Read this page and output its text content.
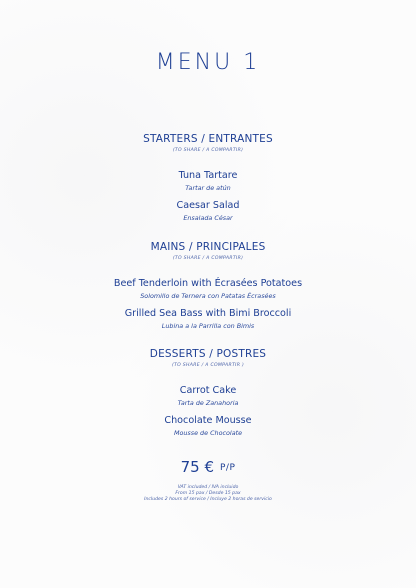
MENU 1
STARTERS / ENTRANTES
(TO SHARE / A COMPARTIR)
Tuna Tartare
Tartar de atún
Caesar Salad
Ensalada César
MAINS / PRINCIPALES
(TO SHARE / A COMPARTIR)
Beef Tenderloin with Écrasées Potatoes
Solomillo de Ternera con Patatas Écrasées
Grilled Sea Bass with Bimi Broccoli
Lubina a la Parrilla con Bimis
DESSERTS / POSTRES
(TO SHARE / A COMPARTIR )
Carrot Cake
Tarta de Zanahoria
Chocolate Mousse
Mousse de Chocolate
75 € P/P
VAT included / IVA incluido
From 15 pax / Desde 15 pax
Includes 2 hours of service / Incluye 2 horas de servicio
